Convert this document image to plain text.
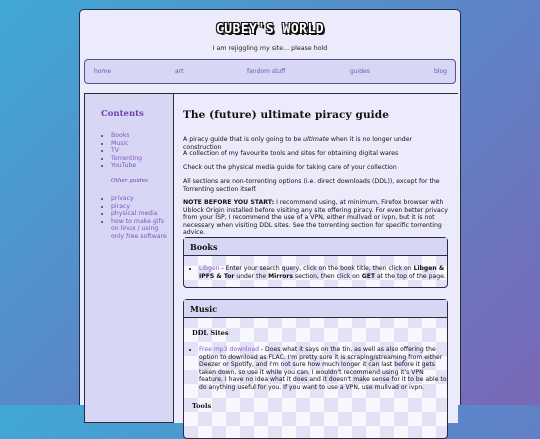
CUBEY'S WORLD
I am rejiggling my site... please hold
home	art	fandom stuff	guides	blog
Contents
• Books
• Music
• TV
• Torrenting
• YouTube
Other guides
• privacy
• piracy
• physical media
• how to make gifs on linux / using only free software
The (future) ultimate piracy guide

A piracy guide that is only going to be ultimate when it is no longer under construction

A collection of my favourite tools and sites for obtaining digital wares

Check out the physical media guide for taking care of your collection

All sections are non-torrenting options (i.e. direct downloads (DDL)), except for the Torrenting section itself.

NOTE BEFORE YOU START: I recommend using, at minimum, Firefox browser with Ublock Origin installed before visiting any site offering piracy. For even better privacy from your ISP, I recommend the use of a VPN, either mullvad or ivpn, but it is not necessary when visiting DDL sites. See the torrenting section for specific torrenting advice.

Books
• Libgen - Enter your search query, click on the book title, then click on Libgen & IPFS & Tor under the Mirrors section, then click on GET at the top of the page.
Music
DDL Sites
• Free mp3 download - Does what it says on the tin, as well as also offering the option to download as FLAC. I'm pretty sure it is scraping/streaming from either Deezer or Spotify, and I'm not sure how much longer it can last before it gets taken down, so use it while you can. I wouldn't recommend using it's VPN feature, I have no idea what it does and it doesn't make sense for it to be able to do anything useful for you. If you want to use a VPN, use mullvad or ivpn.
Tools
